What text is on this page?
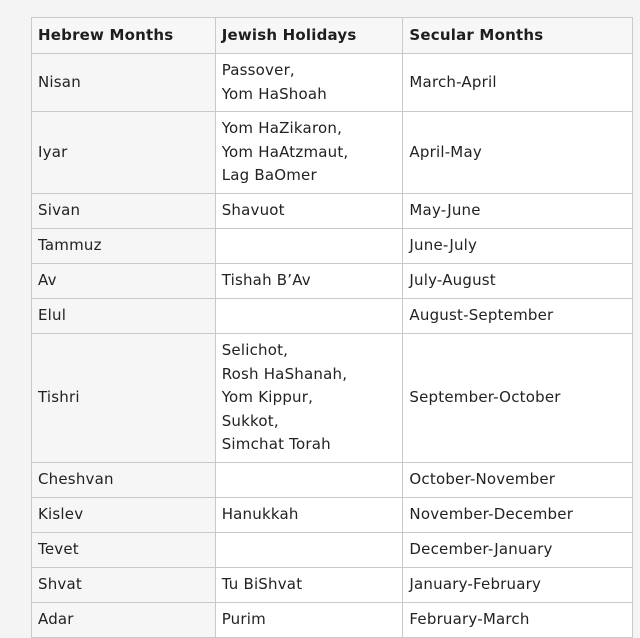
Hebrew Months	Jewish Holidays	Secular Months
Nisan	Passover,
Yom HaShoah	March-April
Iyar	Yom HaZikaron,
Yom HaAtzmaut,
Lag BaOmer	April-May
Sivan	Shavuot	May-June
Tammuz		June-July
Av	Tishah B’Av	July-August
Elul		August-September
Tishri	Selichot,
Rosh HaShanah,
Yom Kippur,
Sukkot,
Simchat Torah	September-October
Cheshvan		October-November
Kislev	Hanukkah	November-December
Tevet		December-January
Shvat	Tu BiShvat	January-February
Adar	Purim	February-March
